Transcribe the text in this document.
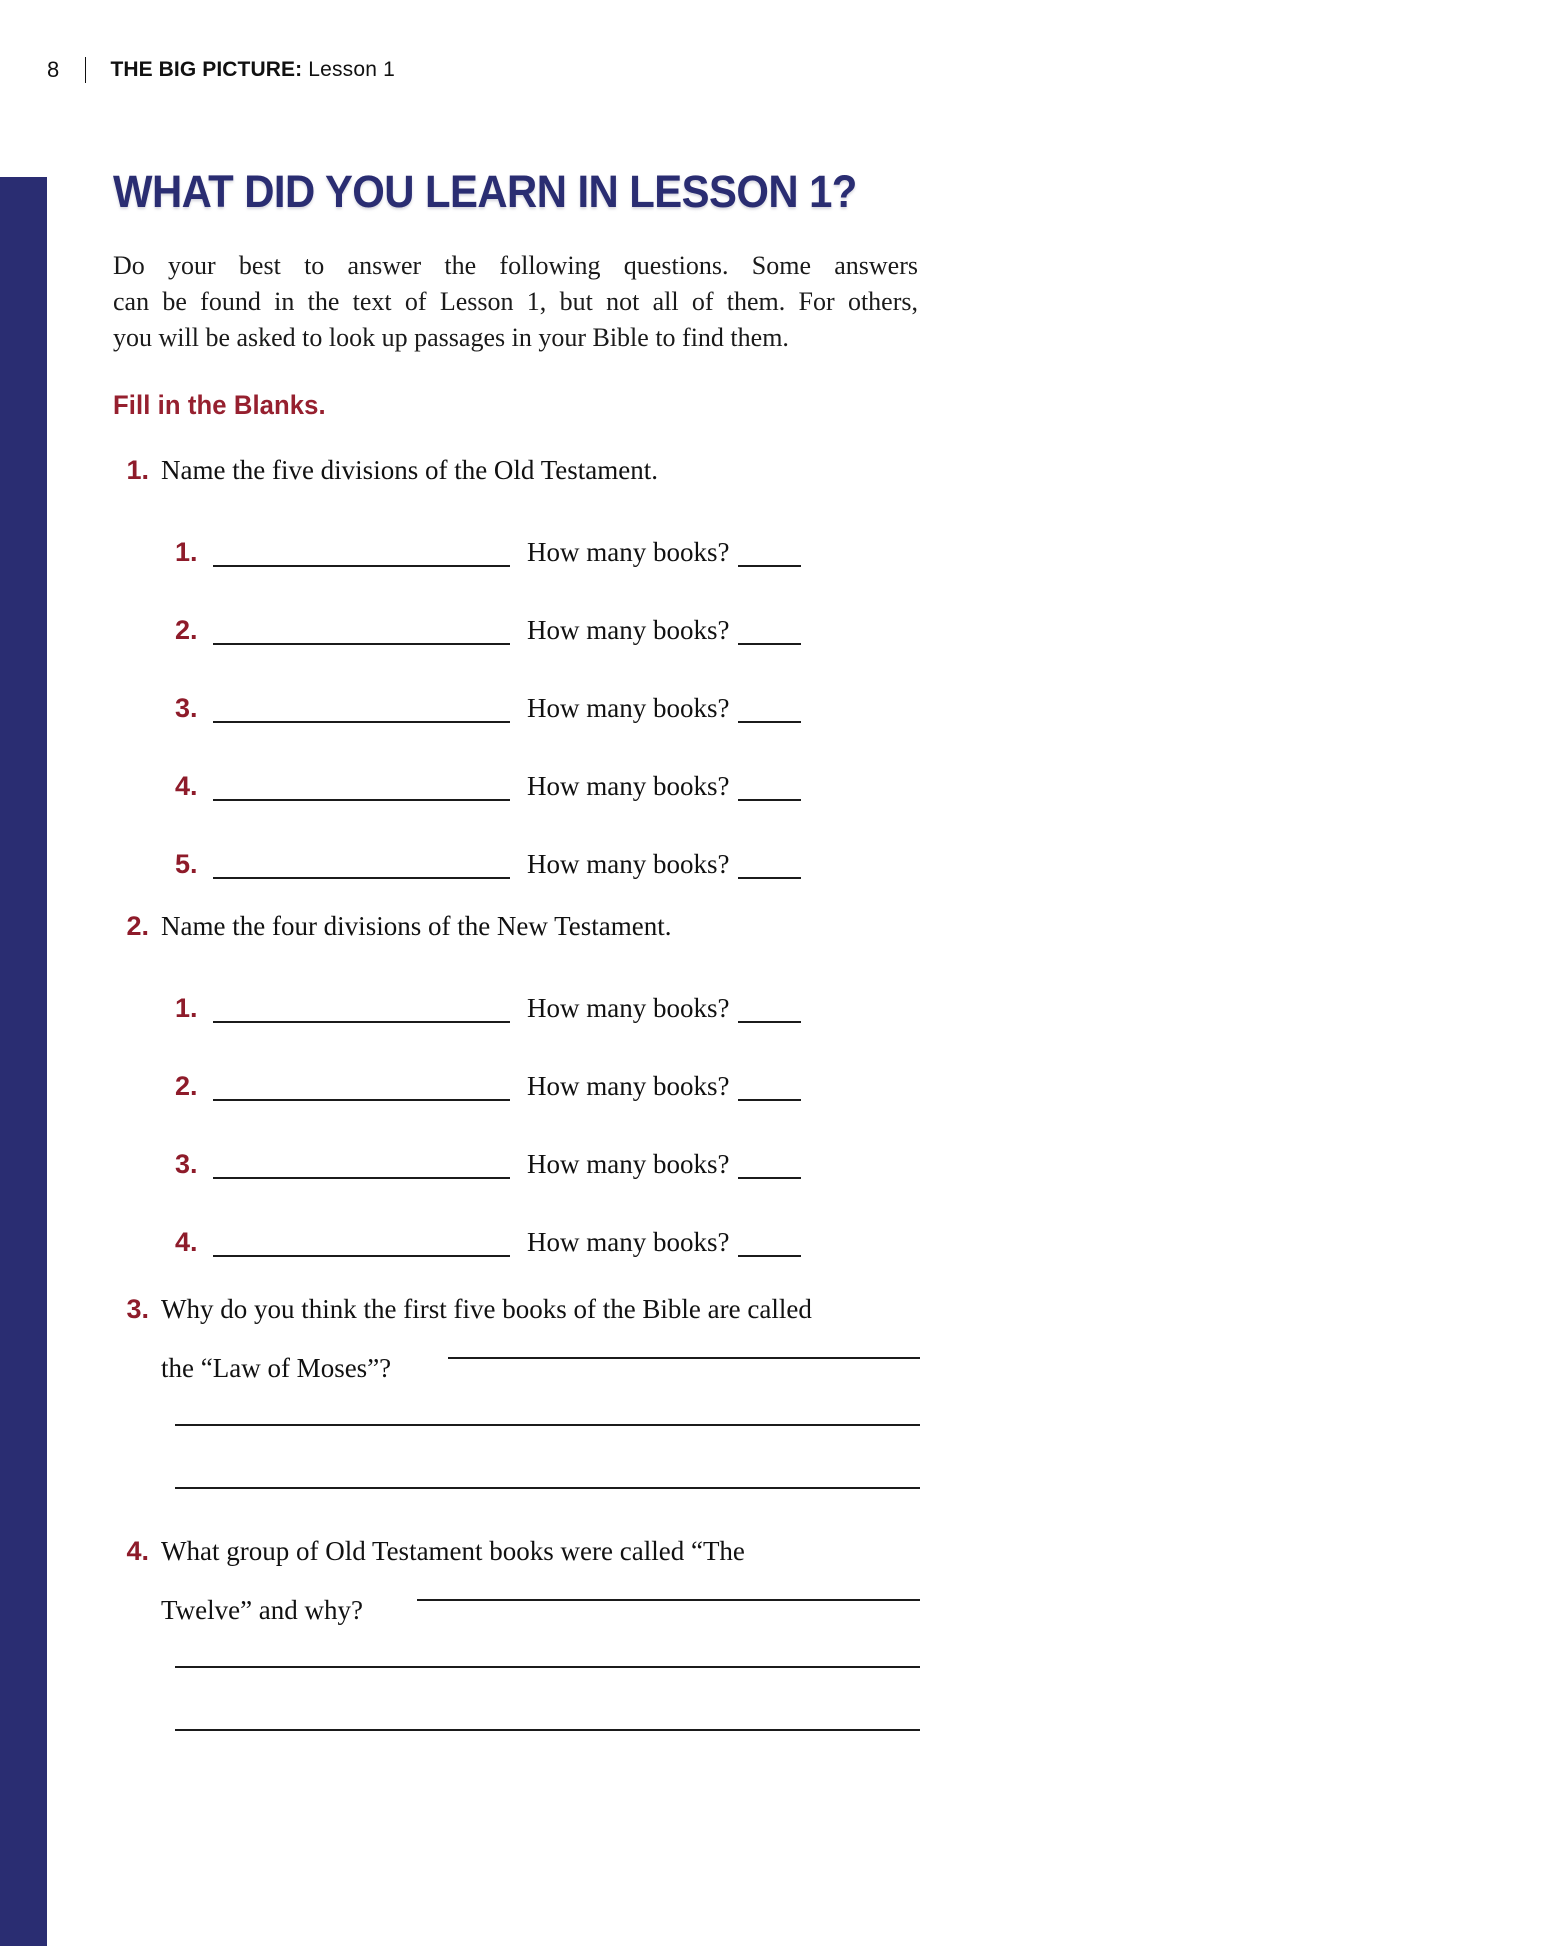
8 THE BIG PICTURE: Lesson 1
WHAT DID YOU LEARN IN LESSON 1?
Do your best to answer the following questions. Some answers
can be found in the text of Lesson 1, but not all of them. For others,
you will be asked to look up passages in your Bible to find them.
Fill in the Blanks.
1. Name the five divisions of the Old Testament.
1.	How many books?
2.	How many books?
3.	How many books?
4.	How many books?
5.	How many books?
2. Name the four divisions of the New Testament.
1.	How many books?
2.	How many books?
3.	How many books?
4.	How many books?
3. Why do you think the first five books of the Bible are called
the “Law of Moses”?
4. What group of Old Testament books were called “The
Twelve” and why?
